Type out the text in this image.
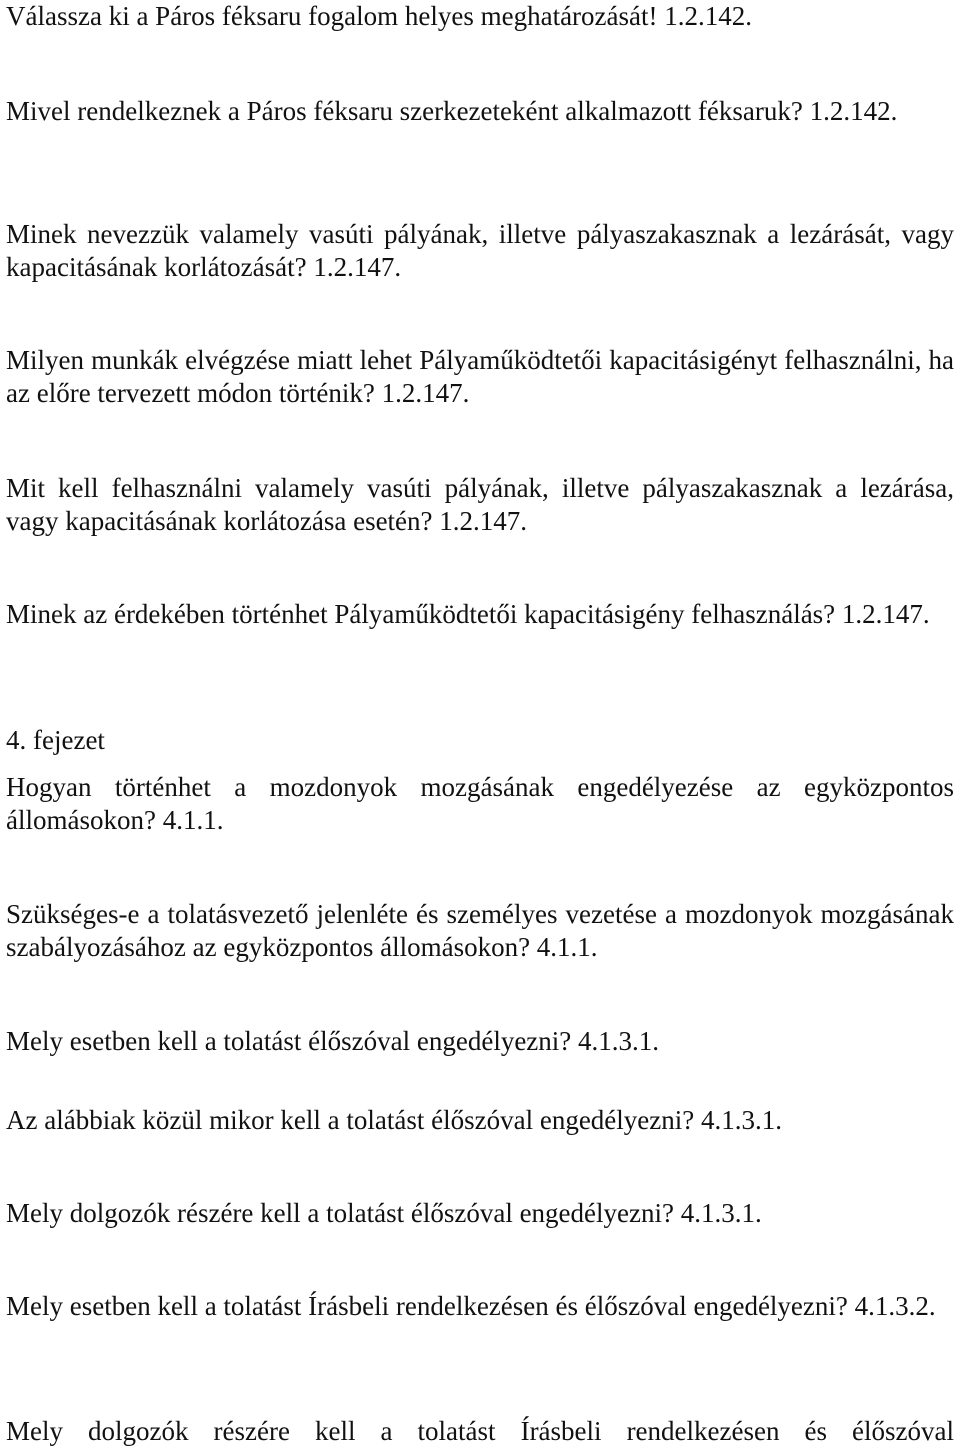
Válassza ki a Páros féksaru fogalom helyes meghatározását! 1.2.142.

Mivel rendelkeznek a Páros féksaru szerkezeteként alkalmazott féksaruk? 1.2.142.

Minek nevezzük valamely vasúti pályának, illetve pályaszakasznak a lezárását, vagy kapacitásának korlátozását? 1.2.147.

Milyen munkák elvégzése miatt lehet Pályaműködtetői kapacitásigényt felhasználni, ha az előre tervezett módon történik? 1.2.147.

Mit kell felhasználni valamely vasúti pályának, illetve pályaszakasznak a lezárása, vagy kapacitásának korlátozása esetén? 1.2.147.

Minek az érdekében történhet Pályaműködtetői kapacitásigény felhasználás? 1.2.147.

4. fejezet

Hogyan történhet a mozdonyok mozgásának engedélyezése az egyközpontos állomásokon? 4.1.1.

Szükséges-e a tolatásvezető jelenléte és személyes vezetése a mozdonyok mozgásának szabályozásához az egyközpontos állomásokon? 4.1.1.

Mely esetben kell a tolatást élőszóval engedélyezni? 4.1.3.1.

Az alábbiak közül mikor kell a tolatást élőszóval engedélyezni? 4.1.3.1.

Mely dolgozók részére kell a tolatást élőszóval engedélyezni? 4.1.3.1.

Mely esetben kell a tolatást Írásbeli rendelkezésen és élőszóval engedélyezni? 4.1.3.2.

Mely dolgozók részére kell a tolatást Írásbeli rendelkezésen és élőszóval
